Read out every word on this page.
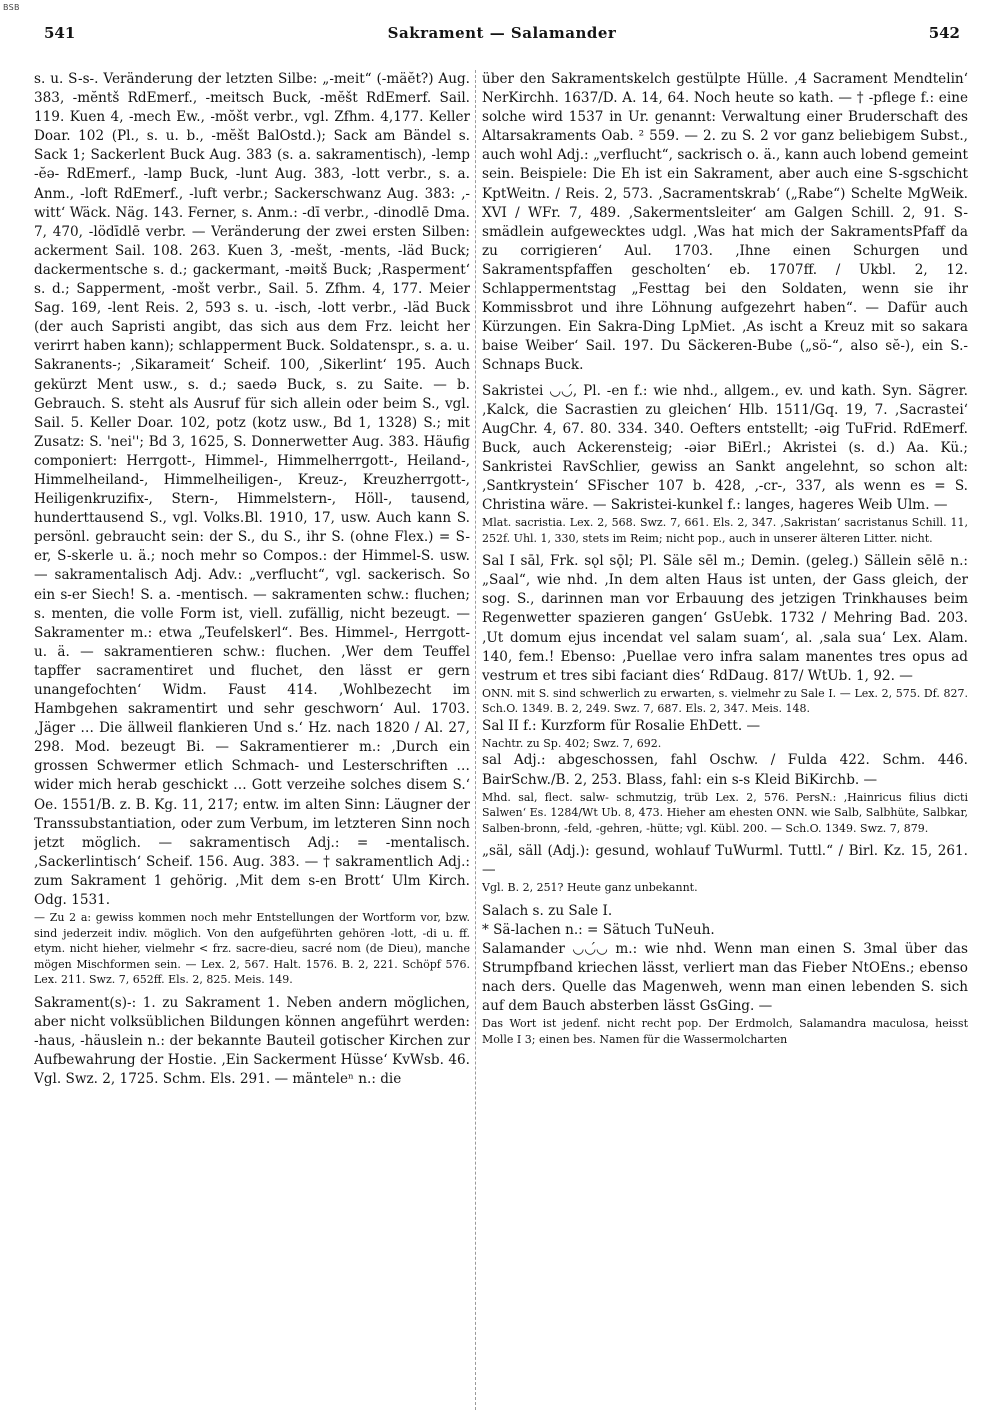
BSB
541	Sakrament — Salamander	542

s. u. S-s-. Veränderung der letzten Silbe: „-meit“ (-mäĕt?) Aug. 383, -mĕntš RdEmerf., -meitsch Buck, -mĕšt RdEmerf. Sail. 119. Kuen 4, -mech Ew., -mŏšt verbr., vgl. Zfhm. 4,177. Keller Doar. 102 (Pl., s. u. b., -mĕšt BalOstd.); Sack am Bändel s. Sack 1; Sackerlent Buck Aug. 383 (s. a. sakramentisch), -lemp -ĕə- RdEmerf., -lamp Buck, -lunt Aug. 383, -lott verbr., s. a. Anm., -loft RdEmerf., -luft verbr.; Sackerschwanz Aug. 383: ‚-witt‘ Wäck. Näg. 143. Ferner, s. Anm.: -dī verbr., -dinodlē Dma. 7, 470, -lödīdlē verbr. — Veränderung der zwei ersten Silben: ackerment Sail. 108. 263. Kuen 3, -mešt, -ments, -läd Buck; dackermentsche s. d.; gackermant, -məitš Buck; ‚Raspermentʻ s. d.; Sapperment, -mošt verbr., Sail. 5. Zfhm. 4, 177. Meier Sag. 169, -lent Reis. 2, 593 s. u. -isch, -lott verbr., -läd Buck (der auch Sapristi angibt, das sich aus dem Frz. leicht her verirrt haben kann); schlapperment Buck. Soldatenspr., s. a. u. Sakranents-; ‚Sikarameitʻ Scheif. 100, ‚Sikerlintʻ 195. Auch gekürzt Ment usw., s. d.; saedə Buck, s. zu Saite. — b. Gebrauch. S. steht als Ausruf für sich allein oder beim S., vgl. Sail. 5. Keller Doar. 102, potz (kotz usw., Bd 1, 1328) S.; mit Zusatz: S. 'nei''; Bd 3, 1625, S. Donnerwetter Aug. 383. Häufig componiert: Herrgott-, Himmel-, Himmelherrgott-, Heiland-, Himmelheiland-, Himmelheiligen-, Kreuz-, Kreuzherrgott-, Heiligenkruzifix-, Stern-, Himmelstern-, Höll-, tausend, hunderttausend S., vgl. Volks.Bl. 1910, 17, usw. Auch kann S. persönl. gebraucht sein: der S., du S., ihr S. (ohne Flex.) = S-er, S-skerle u. ä.; noch mehr so Compos.: der Himmel-S. usw. — sakramentalisch Adj. Adv.: „verflucht“, vgl. sackerisch. So ein s-er Siech! S. a. -mentisch. — sakramenten schw.: fluchen; s. menten, die volle Form ist, viell. zufällig, nicht bezeugt. — Sakramenter m.: etwa „Teufelskerl“. Bes. Himmel-, Herrgott- u. ä. — sakramentieren schw.: fluchen. ‚Wer dem Teuffel tapffer sacramentiret und fluchet, den lässt er gern unangefochtenʻ Widm. Faust 414. ‚Wohlbezecht im Hambgehen sakramentirt und sehr geschwornʻ Aul. 1703. ‚Jäger … Die ällweil flankieren Und s.ʻ Hz. nach 1820 / Al. 27, 298. Mod. bezeugt Bi. — Sakramentierer m.: ‚Durch ein grossen Schwermer etlich Schmach- und Lesterschriften … wider mich herab geschickt … Gott verzeihe solches disem S.ʻ Oe. 1551/B. z. B. Kg. 11, 217; entw. im alten Sinn: Läugner der Transsubstantiation, oder zum Verbum, im letzteren Sinn noch jetzt möglich. — sakramentisch Adj.: = -mentalisch. ‚Sackerlintischʻ Scheif. 156. Aug. 383. — † sakramentlich Adj.: zum Sakrament 1 gehörig. ‚Mit dem s-en Brottʻ Ulm Kirch. Odg. 1531.

— Zu 2 a: gewiss kommen noch mehr Entstellungen der Wortform vor, bzw. sind jederzeit indiv. möglich. Von den aufgeführten gehören -lott, -di u. ff. etym. nicht hieher, vielmehr < frz. sacre-dieu, sacré nom (de Dieu), manche mögen Mischformen sein. — Lex. 2, 567. Halt. 1576. B. 2, 221. Schöpf 576. Lex. 211. Swz. 7, 652ff. Els. 2, 825. Meis. 149.

Sakrament(s)-: 1. zu Sakrament 1. Neben andern möglichen, aber nicht volksüblichen Bildungen können angeführt werden: -haus, -häuslein n.: der bekannte Bauteil gotischer Kirchen zur Aufbewahrung der Hostie. ‚Ein Sackerment Hüsseʻ KvWsb. 46. Vgl. Swz. 2, 1725. Schm. Els. 291. — mänteleⁿ n.: die

über den Sakramentskelch gestülpte Hülle. ‚4 Sacrament Mendtelinʻ NerKirchh. 1637/D. A. 14, 64. Noch heute so kath. — † -pflege f.: eine solche wird 1537 in Ur. genannt: Verwaltung einer Bruderschaft des Altarsakraments Oab. ² 559. — 2. zu S. 2 vor ganz beliebigem Subst., auch wohl Adj.: „verflucht“, sackrisch o. ä., kann auch lobend gemeint sein. Beispiele: Die Eh ist ein Sakrament, aber auch eine S-sgschicht KptWeitn. / Reis. 2, 573. ‚Sacramentskrabʻ („Rabe“) Schelte MgWeik. XVI / WFr. 7, 489. ‚Sakermentsleiterʻ am Galgen Schill. 2, 91. S-smädlein aufgewecktes udgl. ‚Was hat mich der SakramentsPfaff da zu corrigierenʻ Aul. 1703. ‚Ihne einen Schurgen und Sakramentspfaffen gescholtenʻ eb. 1707ff. / Ukbl. 2, 12. Schlappermentstag „Festtag bei den Soldaten, wenn sie ihr Kommissbrot und ihre Löhnung aufgezehrt haben“. — Dafür auch Kürzungen. Ein Sakra-Ding LpMiet. ‚As ischt a Kreuz mit so sakara baise Weiberʻ Sail. 197. Du Säckeren-Bube („sö-“, also sĕ-), ein S.-Schnaps Buck.

Sakristei ◡◡́, Pl. -en f.: wie nhd., allgem., ev. und kath. Syn. Sägrer. ‚Kalck, die Sacrastien zu gleichenʻ Hlb. 1511/Gq. 19, 7. ‚Sacrasteiʻ AugChr. 4, 67. 80. 334. 340. Oefters entstellt; -əig TuFrid. RdEmerf. Buck, auch Ackerensteig; -əiər BiErl.; Akristei (s. d.) Aa. Kü.; Sankristei RavSchlier, gewiss an Sankt angelehnt, so schon alt: ‚Santkrysteinʻ SFischer 107 b. 428, ‚-cr-, 337, als wenn es = S. Christina wäre. — Sakristei-kunkel f.: langes, hageres Weib Ulm. —

Mlat. sacristia. Lex. 2, 568. Swz. 7, 661. Els. 2, 347. ‚Sakristanʻ sacristanus Schill. 11, 252f. Uhl. 1, 330, stets im Reim; nicht pop., auch in unserer älteren Litter. nicht.

Sal I sāl, Frk. sǫl sǭl; Pl. Säle sēl m.; Demin. (geleg.) Sällein sēlē n.: „Saal“, wie nhd. ‚In dem alten Haus ist unten, der Gass gleich, der sog. S., darinnen man vor Erbauung des jetzigen Trinkhauses beim Regenwetter spazieren gangenʻ GsUebk. 1732 / Mehring Bad. 203. ‚Ut domum ejus incendat vel salam suamʻ, al. ‚sala suaʻ Lex. Alam. 140, fem.! Ebenso: ‚Puellae vero infra salam manentes tres opus ad vestrum et tres sibi faciant diesʻ RdDaug. 817/ WtUb. 1, 92. —

ONN. mit S. sind schwerlich zu erwarten, s. vielmehr zu Sale I. — Lex. 2, 575. Df. 827. Sch.O. 1349. B. 2, 249. Swz. 7, 687. Els. 2, 347. Meis. 148.

Sal II f.: Kurzform für Rosalie EhDett. —

Nachtr. zu Sp. 402; Swz. 7, 692.

sal Adj.: abgeschossen, fahl Oschw. / Fulda 422. Schm. 446. BairSchw./B. 2, 253. Blass, fahl: ein s-s Kleid BiKirchb. —

Mhd. sal, flect. salw- schmutzig, trüb Lex. 2, 576. PersN.: ‚Hainricus filius dicti Salwenʻ Es. 1284/Wt Ub. 8, 473. Hieher am ehesten ONN. wie Salb, Salbhüte, Salbkar, Salben-bronn, -feld, -gehren, -hütte; vgl. Kübl. 200. — Sch.O. 1349. Swz. 7, 879.

„säl, säll (Adj.): gesund, wohlauf TuWurml. Tuttl.“ / Birl. Kz. 15, 261. —

Vgl. B. 2, 251? Heute ganz unbekannt.

Salach s. zu Sale I.

* Sä-lachen n.: = Sätuch TuNeuh.

Salamander ◡◡́◡ m.: wie nhd. Wenn man einen S. 3mal über das Strumpfband kriechen lässt, verliert man das Fieber NtOEns.; ebenso nach ders. Quelle das Magenweh, wenn man einen lebenden S. sich auf dem Bauch absterben lässt GsGing. —

Das Wort ist jedenf. nicht recht pop. Der Erdmolch, Salamandra maculosa, heisst Molle I 3; einen bes. Namen für die Wassermolcharten
